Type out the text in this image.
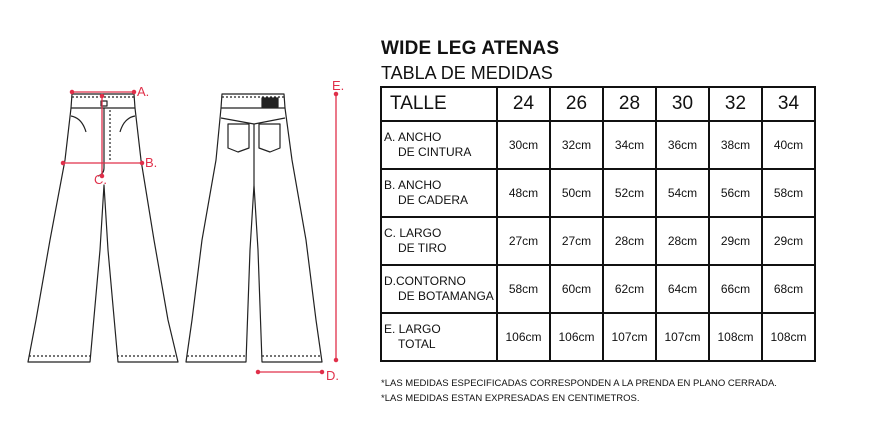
A.
B.
C.
D.
E.
WIDE LEG ATENAS
TABLA DE MEDIDAS
TALLE	24	26	28	30	32	34

A. ANCHO
DE CINTURA	30cm	32cm	34cm	36cm	38cm	40cm

B. ANCHO
DE CADERA	48cm	50cm	52cm	54cm	56cm	58cm

C. LARGO
DE TIRO	27cm	27cm	28cm	28cm	29cm	29cm

D.CONTORNO
DE BOTAMANGA	58cm	60cm	62cm	64cm	66cm	68cm

E. LARGO
TOTAL	106cm	106cm	107cm	107cm	108cm	108cm
*LAS MEDIDAS ESPECIFICADAS CORRESPONDEN A LA PRENDA EN PLANO CERRADA.
*LAS MEDIDAS ESTAN EXPRESADAS EN CENTIMETROS.
